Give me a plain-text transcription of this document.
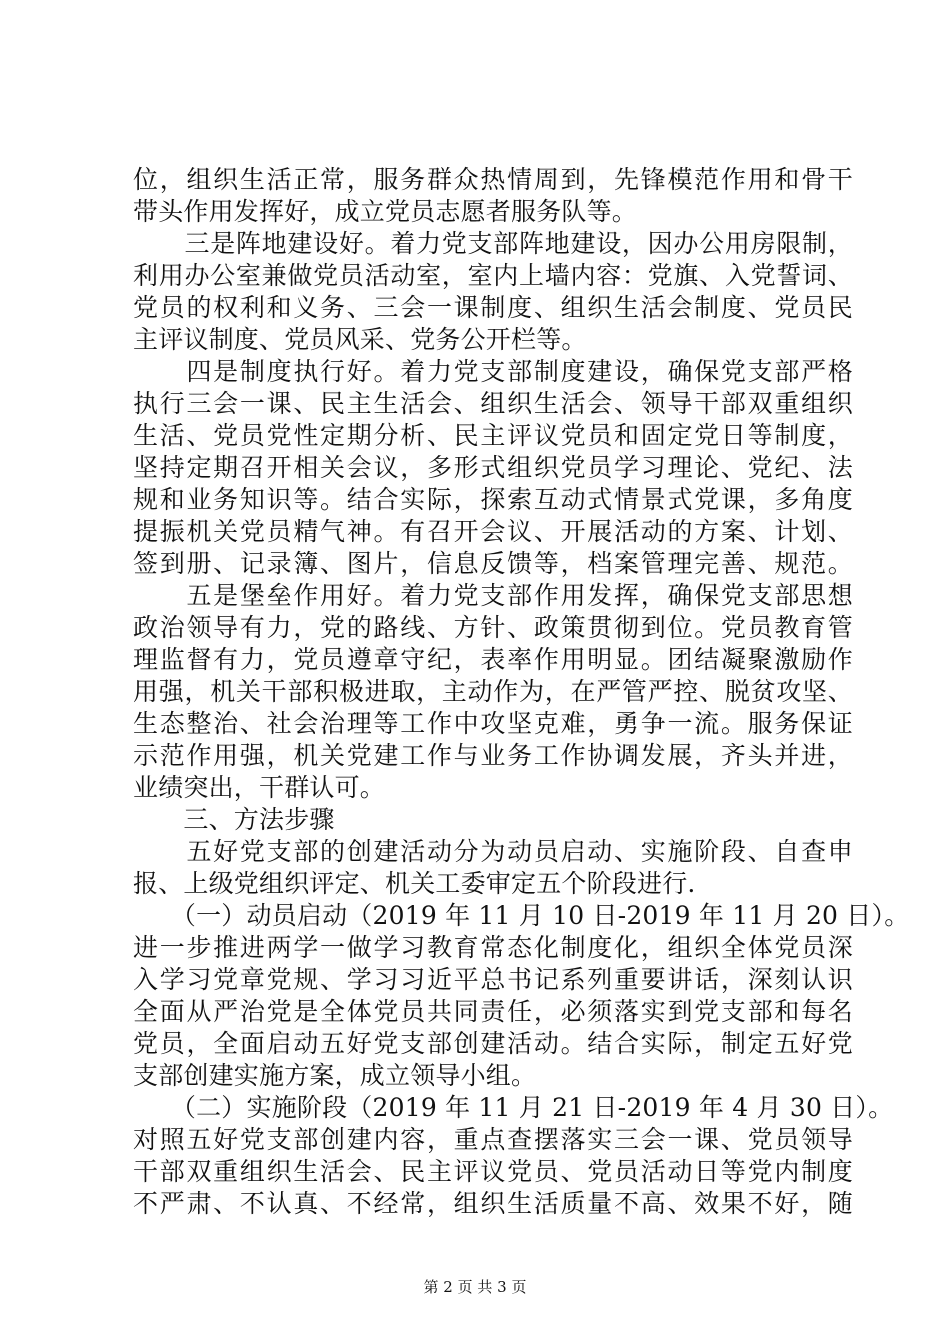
位，组织生活正常，服务群众热情周到，先锋模范作用和骨干
带头作用发挥好，成立党员志愿者服务队等。
　　三是阵地建设好。着力党支部阵地建设，因办公用房限制，
利用办公室兼做党员活动室，室内上墙内容：党旗、入党誓词、
党员的权利和义务、三会一课制度、组织生活会制度、党员民
主评议制度、党员风采、党务公开栏等。
　　四是制度执行好。着力党支部制度建设，确保党支部严格
执行三会一课、民主生活会、组织生活会、领导干部双重组织
生活、党员党性定期分析、民主评议党员和固定党日等制度，
坚持定期召开相关会议，多形式组织党员学习理论、党纪、法
规和业务知识等。结合实际，探索互动式情景式党课，多角度
提振机关党员精气神。有召开会议、开展活动的方案、计划、
签到册、记录簿、图片，信息反馈等，档案管理完善、规范。
　　五是堡垒作用好。着力党支部作用发挥，确保党支部思想
政治领导有力，党的路线、方针、政策贯彻到位。党员教育管
理监督有力，党员遵章守纪，表率作用明显。团结凝聚激励作
用强，机关干部积极进取，主动作为，在严管严控、脱贫攻坚、
生态整治、社会治理等工作中攻坚克难，勇争一流。服务保证
示范作用强，机关党建工作与业务工作协调发展，齐头并进，
业绩突出，干群认可。
　　三、方法步骤
　　五好党支部的创建活动分为动员启动、实施阶段、自查申
报、上级党组织评定、机关工委审定五个阶段进行.
　　（一）动员启动（2019 年 11 月 10 日-2019 年 11 月 20 日）。
进一步推进两学一做学习教育常态化制度化，组织全体党员深
入学习党章党规、学习习近平总书记系列重要讲话，深刻认识
全面从严治党是全体党员共同责任，必须落实到党支部和每名
党员，全面启动五好党支部创建活动。结合实际，制定五好党
支部创建实施方案，成立领导小组。
　　（二）实施阶段（2019 年 11 月 21 日-2019 年 4 月 30 日）。
对照五好党支部创建内容，重点查摆落实三会一课、党员领导
干部双重组织生活会、民主评议党员、党员活动日等党内制度
不严肃、不认真、不经常，组织生活质量不高、效果不好，随
第 2 页 共 3 页
